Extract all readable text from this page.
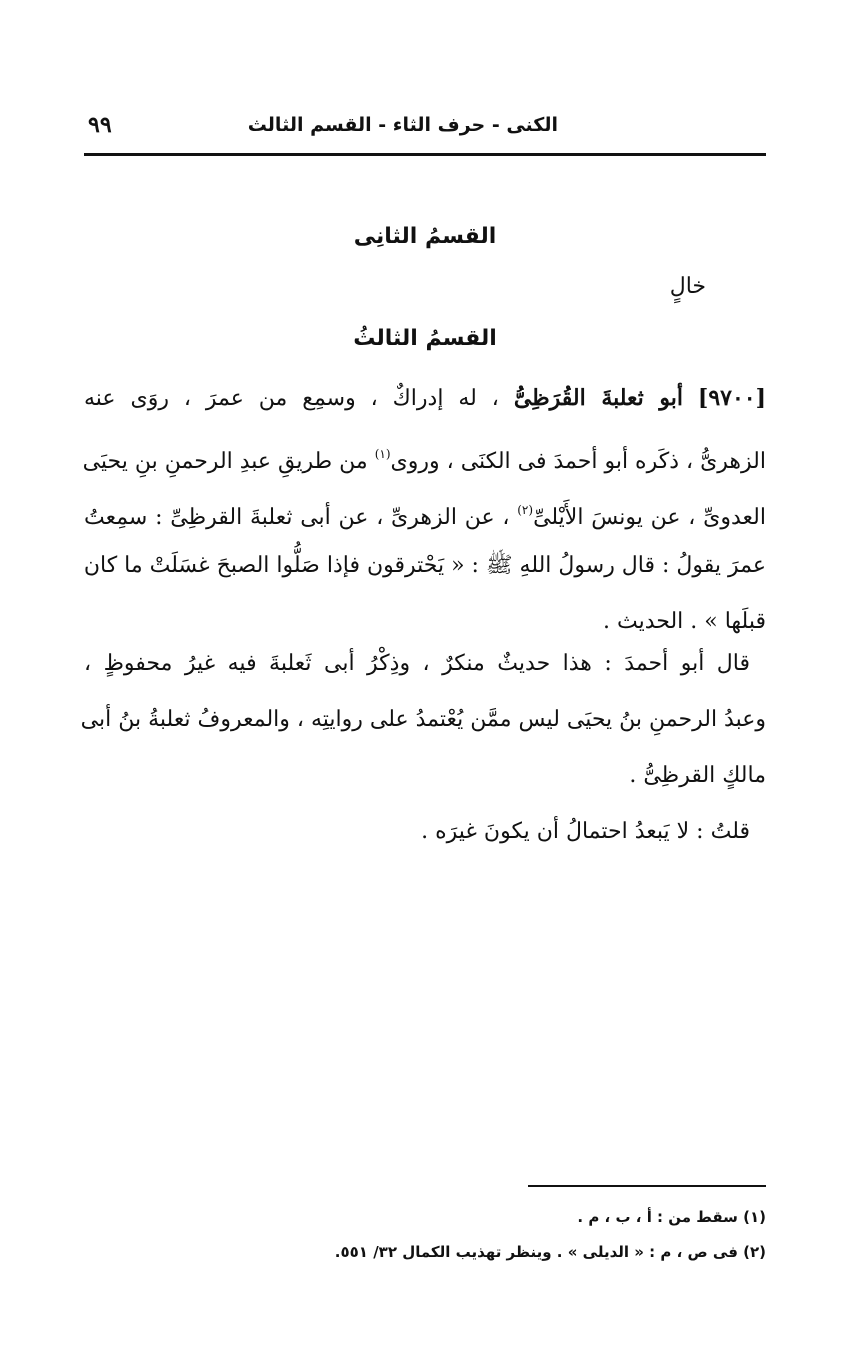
الكنى - حرف الثاء - القسم الثالث
٩٩
القسمُ الثانِى
خالٍ
القسمُ الثالثُ
[٩٧٠٠] أبو ثعلبةَ القُرَظِىُّ ، له إدراكٌ ، وسمِع من عمرَ ، روَى عنه
الزهرىُّ ، ذكَره أبو أحمدَ فى الكنَى ، وروى$^{(١)}$ من طريقِ عبدِ الرحمنِ بنِ يحيَى
العدوىِّ ، عن يونسَ الأَيْلىِّ$^{(٢)}$ ، عن الزهرىِّ ، عن أبى ثعلبةَ القرظِىِّ : سمِعتُ
عمرَ يقولُ : قال رسولُ اللهِ ﷺ : « يَحْترقون فإذا صَلُّوا الصبحَ غسَلَتْ ما كان
قبلَها » . الحديث .
قال أبو أحمدَ : هذا حديثٌ منكرٌ ، وذِكْرُ أبى ثَعلبةَ فيه غيرُ محفوظٍ ،
وعبدُ الرحمنِ بنُ يحيَى ليس ممَّن يُعْتمدُ على روايتِه ، والمعروفُ ثعلبةُ بنُ أبى
مالكٍ القرظِىُّ .
قلتُ : لا يَبعدُ احتمالُ أن يكونَ غيرَه .
(١) سقط من : أ ، ب ، م .
(٢) فى ص ، م : « الديلى » . وينظر تهذيب الكمال ٣٢/ ٥٥١.
